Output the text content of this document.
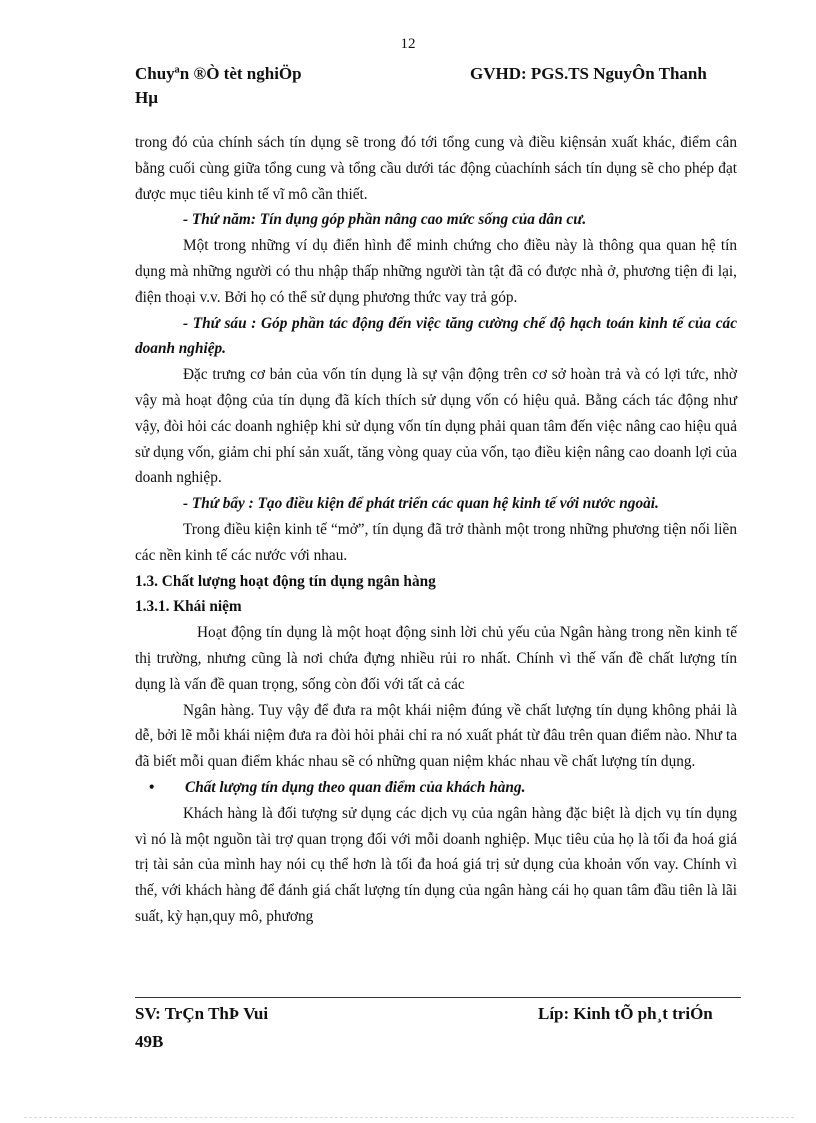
12
Chuyªn ®Ò tèt nghiÖp
Hµ
GVHD: PGS.TS NguyÔn Thanh

trong đó của chính sách tín dụng sẽ trong đó tới tổng cung và điều kiệnsản xuất khác, điểm cân bằng cuối cùng giữa tổng cung và tổng cầu dưới tác động củachính sách tín dụng sẽ cho phép đạt được mục tiêu kinh tế vĩ mô cần thiết.

- Thứ năm: Tín dụng góp phần nâng cao mức sống của dân cư.

Một trong những ví dụ điển hình để minh chứng cho điều này là thông qua quan hệ tín dụng mà những người có thu nhập thấp những người tàn tật đã có được nhà ở, phương tiện đi lại, điện thoại v.v. Bởi họ có thể sử dụng phương thức vay trả góp.

- Thứ sáu : Góp phần tác động đến việc tăng cường chế độ hạch toán kinh tế của các doanh nghiệp.

Đặc trưng cơ bản của vốn tín dụng là sự vận động trên cơ sở hoàn trả và có lợi tức, nhờ vậy mà hoạt động của tín dụng đã kích thích sử dụng vốn có hiệu quả. Bằng cách tác động như vậy, đòi hỏi các doanh nghiệp khi sử dụng vốn tín dụng phải quan tâm đến việc nâng cao hiệu quả sử dụng vốn, giảm chi phí sản xuất, tăng vòng quay của vốn, tạo điều kiện nâng cao doanh lợi của doanh nghiệp.

- Thứ bẩy : Tạo điều kiện để phát triển các quan hệ kinh tế với nước ngoài.

Trong điều kiện kinh tế “mở”, tín dụng đã trở thành một trong những phương tiện nối liền các nền kinh tế các nước với nhau.

1.3. Chất lượng hoạt động tín dụng ngân hàng

1.3.1. Khái niệm

Hoạt động tín dụng là một hoạt động sinh lời chủ yếu của Ngân hàng trong nền kinh tế thị trường, nhưng cũng là nơi chứa đựng nhiều rủi ro nhất. Chính vì thế vấn đề chất lượng tín dụng là vấn đề quan trọng, sống còn đối với tất cả các

Ngân hàng. Tuy vậy để đưa ra một khái niệm đúng về chất lượng tín dụng không phải là dễ, bởi lẽ mỗi khái niệm đưa ra đòi hỏi phải chỉ ra nó xuất phát từ đâu trên quan điểm nào. Như ta đã biết mỗi quan điểm khác nhau sẽ có những quan niệm khác nhau về chất lượng tín dụng.

• Chất lượng tín dụng theo quan điểm của khách hàng.

Khách hàng là đối tượng sử dụng các dịch vụ của ngân hàng đặc biệt là dịch vụ tín dụng vì nó là một nguồn tài trợ quan trọng đối với mỗi doanh nghiệp. Mục tiêu của họ là tối đa hoá giá trị tài sản của mình hay nói cụ thể hơn là tối đa hoá giá trị sử dụng của khoản vốn vay. Chính vì thế, với khách hàng để đánh giá chất lượng tín dụng của ngân hàng cái họ quan tâm đầu tiên là lãi suất, kỳ hạn,quy mô, phương

SV: TrÇn ThÞ Vui
49B
Líp: Kinh tÕ ph¸t triÓn
